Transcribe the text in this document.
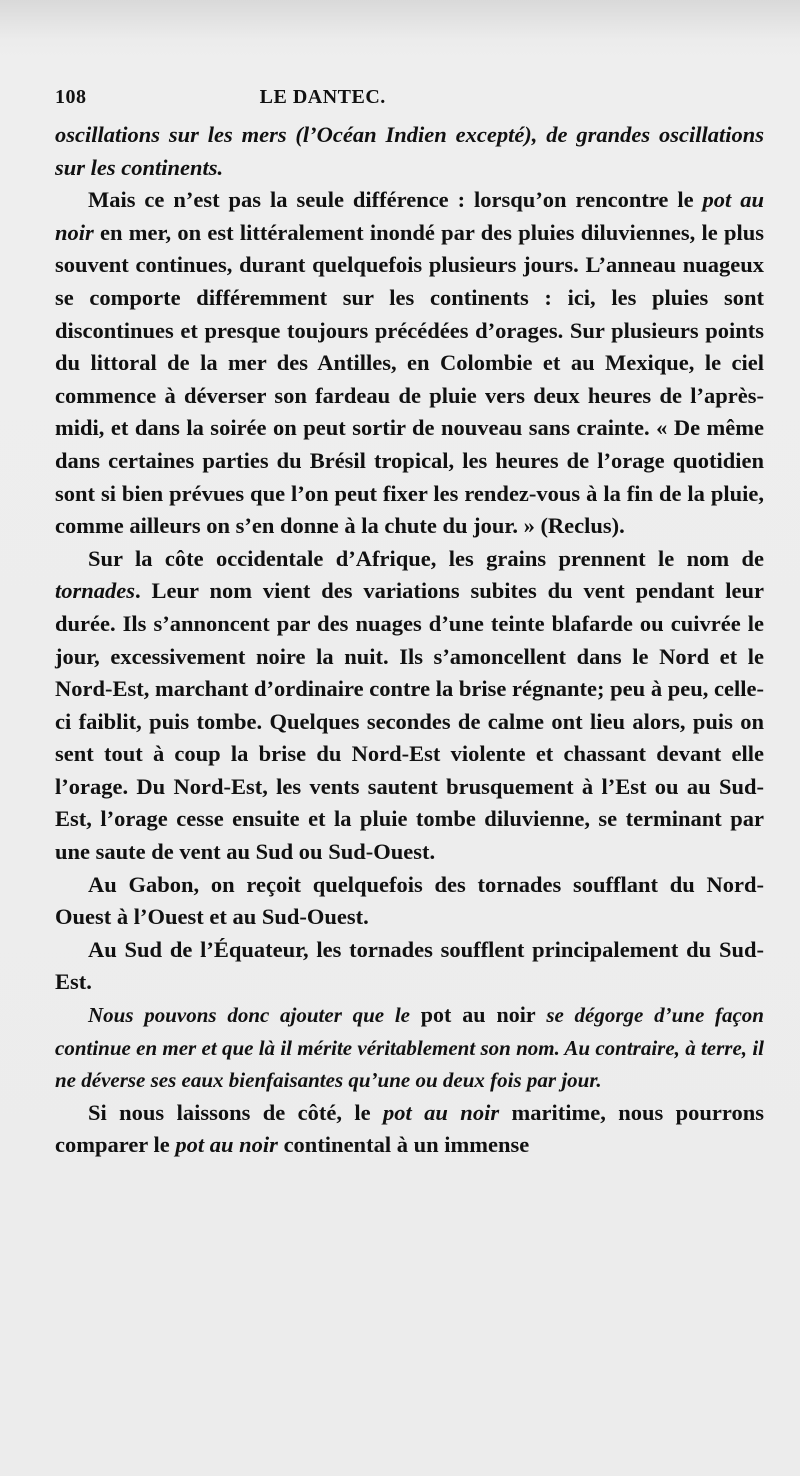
108	LE DANTEC.

oscillations sur les mers (l’Océan Indien excepté), de grandes oscillations sur les continents.

Mais ce n’est pas la seule différence : lorsqu’on rencontre le pot au noir en mer, on est littéralement inondé par des pluies diluviennes, le plus souvent continues, durant quelquefois plusieurs jours. L’anneau nuageux se comporte différemment sur les continents : ici, les pluies sont discontinues et presque toujours précédées d’orages. Sur plusieurs points du littoral de la mer des Antilles, en Colombie et au Mexique, le ciel commence à déverser son fardeau de pluie vers deux heures de l’après-midi, et dans la soirée on peut sortir de nouveau sans crainte. « De même dans certaines parties du Brésil tropical, les heures de l’orage quotidien sont si bien prévues que l’on peut fixer les rendez-vous à la fin de la pluie, comme ailleurs on s’en donne à la chute du jour. » (Reclus).

Sur la côte occidentale d’Afrique, les grains prennent le nom de tornades. Leur nom vient des variations subites du vent pendant leur durée. Ils s’annoncent par des nuages d’une teinte blafarde ou cuivrée le jour, excessivement noire la nuit. Ils s’amoncellent dans le Nord et le Nord-Est, marchant d’ordinaire contre la brise régnante; peu à peu, celle-ci faiblit, puis tombe. Quelques secondes de calme ont lieu alors, puis on sent tout à coup la brise du Nord-Est violente et chassant devant elle l’orage. Du Nord-Est, les vents sautent brusquement à l’Est ou au Sud-Est, l’orage cesse ensuite et la pluie tombe diluvienne, se terminant par une saute de vent au Sud ou Sud-Ouest.

Au Gabon, on reçoit quelquefois des tornades soufflant du Nord-Ouest à l’Ouest et au Sud-Ouest.

Au Sud de l’Équateur, les tornades soufflent principalement du Sud-Est.

Nous pouvons donc ajouter que le pot au noir se dégorge d’une façon continue en mer et que là il mérite véritablement son nom. Au contraire, à terre, il ne déverse ses eaux bienfaisantes qu’une ou deux fois par jour.

Si nous laissons de côté, le pot au noir maritime, nous pourrons comparer le pot au noir continental à un immense
